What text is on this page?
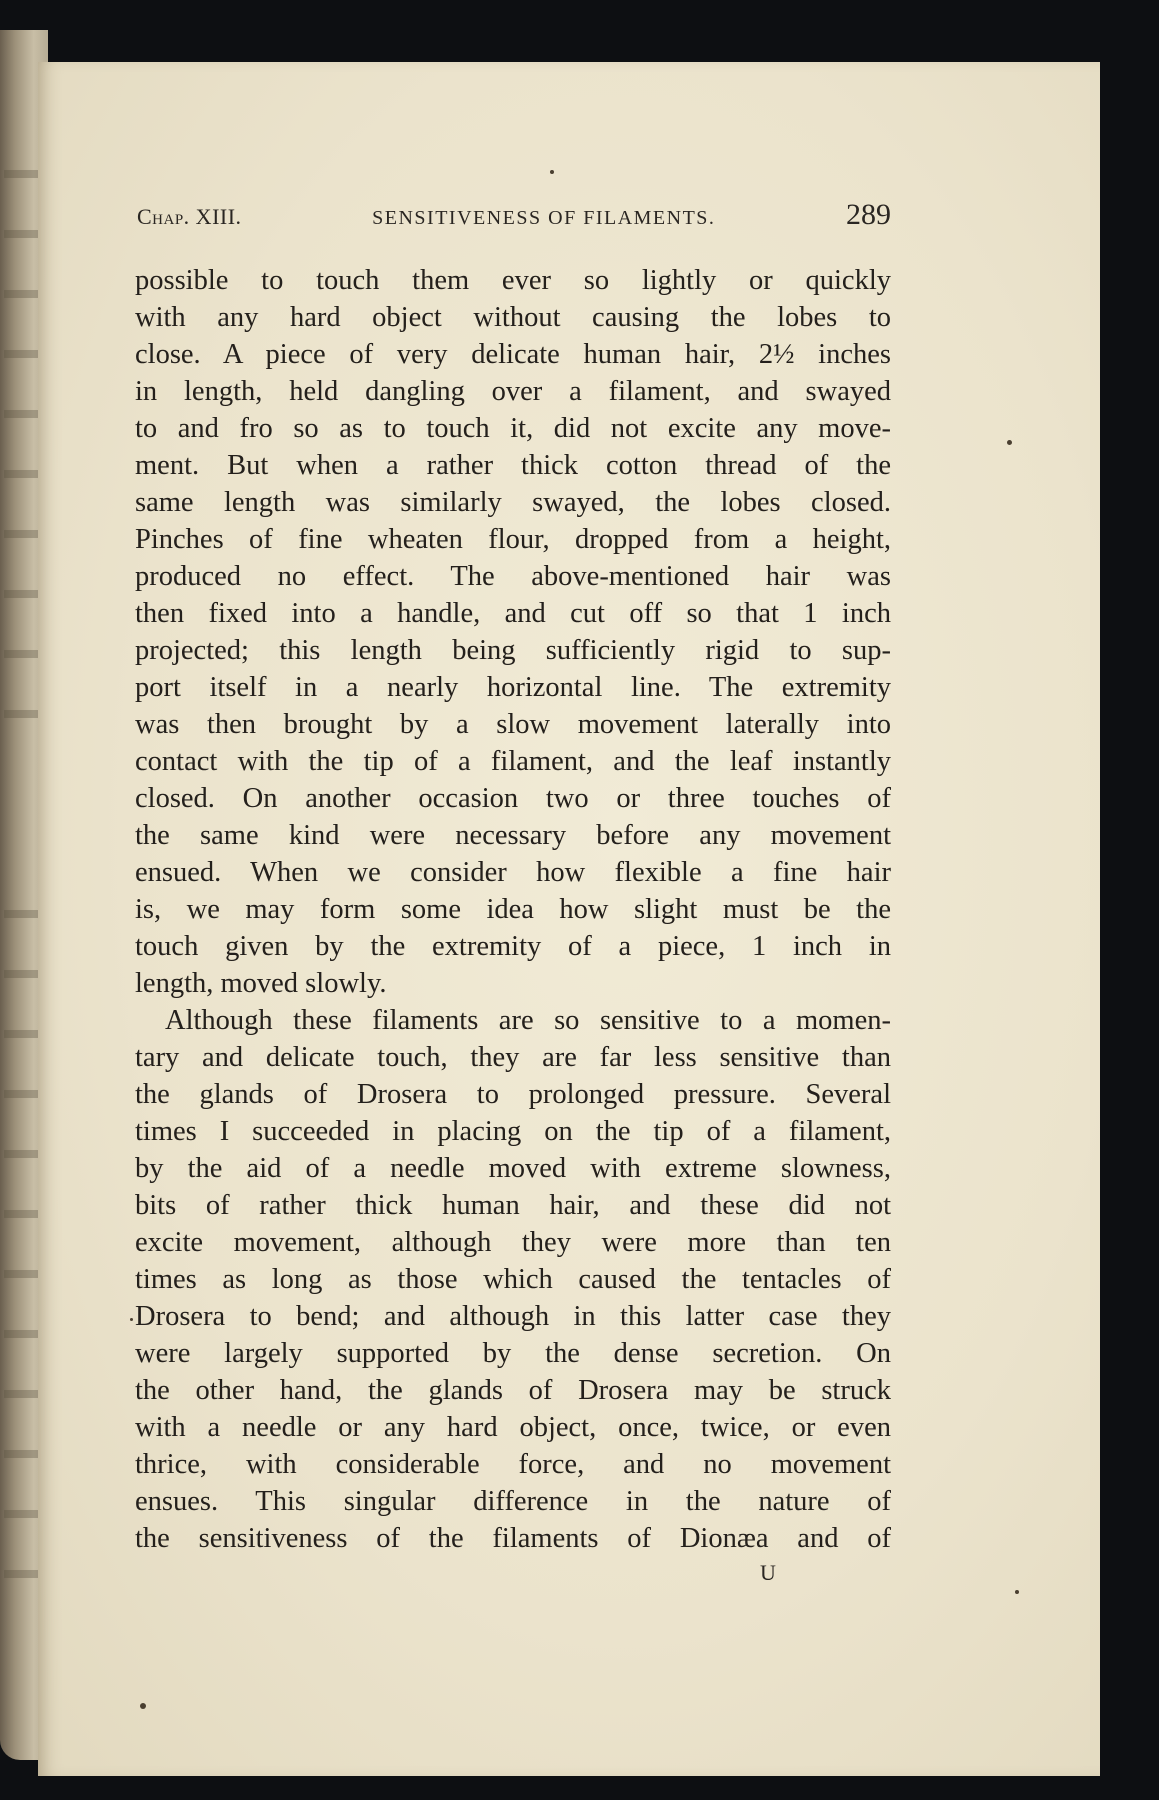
Chap. XIII.	SENSITIVENESS OF FILAMENTS.	289
possible to touch them ever so lightly or quickly
with any hard object without causing the lobes to
close. A piece of very delicate human hair, 2½ inches
in length, held dangling over a filament, and swayed
to and fro so as to touch it, did not excite any move-
ment. But when a rather thick cotton thread of the
same length was similarly swayed, the lobes closed.
Pinches of fine wheaten flour, dropped from a height,
produced no effect. The above-mentioned hair was
then fixed into a handle, and cut off so that 1 inch
projected; this length being sufficiently rigid to sup-
port itself in a nearly horizontal line. The extremity
was then brought by a slow movement laterally into
contact with the tip of a filament, and the leaf instantly
closed. On another occasion two or three touches of
the same kind were necessary before any movement
ensued. When we consider how flexible a fine hair
is, we may form some idea how slight must be the
touch given by the extremity of a piece, 1 inch in
length, moved slowly.
Although these filaments are so sensitive to a momen-
tary and delicate touch, they are far less sensitive than
the glands of Drosera to prolonged pressure. Several
times I succeeded in placing on the tip of a filament,
by the aid of a needle moved with extreme slowness,
bits of rather thick human hair, and these did not
excite movement, although they were more than ten
times as long as those which caused the tentacles of
Drosera to bend; and although in this latter case they
were largely supported by the dense secretion. On
the other hand, the glands of Drosera may be struck
with a needle or any hard object, once, twice, or even
thrice, with considerable force, and no movement
ensues. This singular difference in the nature of
the sensitiveness of the filaments of Dionæa and of
U
